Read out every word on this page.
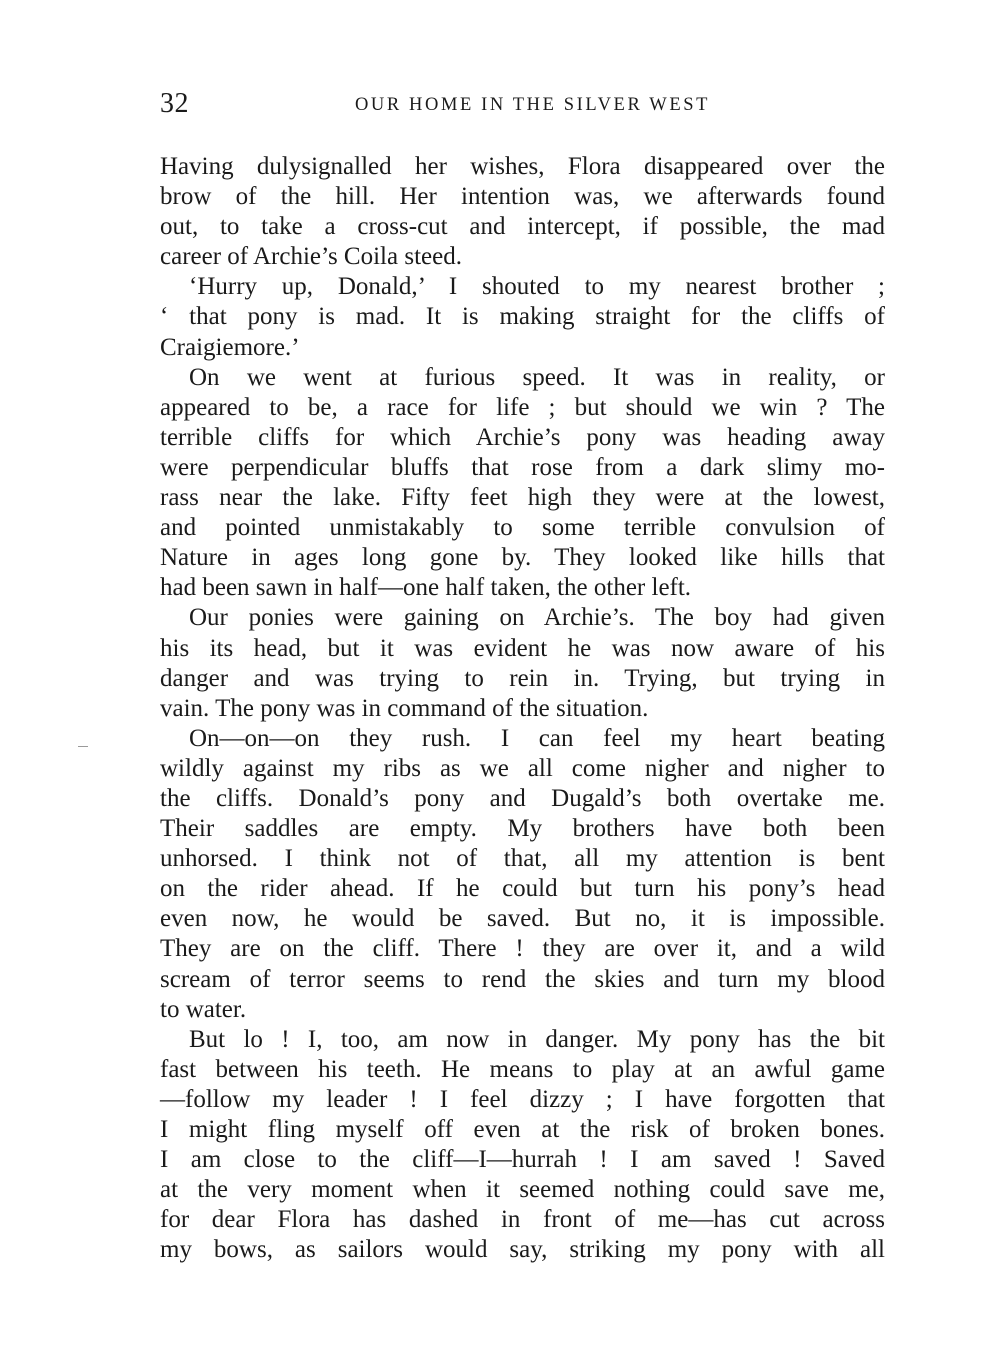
32	OUR HOME IN THE SILVER WEST
Having dulysignalled her wishes, Flora disappeared over the
brow of the hill. Her intention was, we afterwards found
out, to take a cross-cut and intercept, if possible, the mad
career of Archie’s Coila steed.
‘Hurry up, Donald,’ I shouted to my nearest brother ;
‘ that pony is mad. It is making straight for the cliffs of
Craigiemore.’
On we went at furious speed. It was in reality, or
appeared to be, a race for life ; but should we win ? The
terrible cliffs for which Archie’s pony was heading away
were perpendicular bluffs that rose from a dark slimy mo-
rass near the lake. Fifty feet high they were at the lowest,
and pointed unmistakably to some terrible convulsion of
Nature in ages long gone by. They looked like hills that
had been sawn in half—one half taken, the other left.
Our ponies were gaining on Archie’s. The boy had given
his its head, but it was evident he was now aware of his
danger and was trying to rein in. Trying, but trying in
vain. The pony was in command of the situation.
On—on—on they rush. I can feel my heart beating
wildly against my ribs as we all come nigher and nigher to
the cliffs. Donald’s pony and Dugald’s both overtake me.
Their saddles are empty. My brothers have both been
unhorsed. I think not of that, all my attention is bent
on the rider ahead. If he could but turn his pony’s head
even now, he would be saved. But no, it is impossible.
They are on the cliff. There ! they are over it, and a wild
scream of terror seems to rend the skies and turn my blood
to water.
But lo ! I, too, am now in danger. My pony has the bit
fast between his teeth. He means to play at an awful game
—follow my leader ! I feel dizzy ; I have forgotten that
I might fling myself off even at the risk of broken bones.
I am close to the cliff—I—hurrah ! I am saved ! Saved
at the very moment when it seemed nothing could save me,
for dear Flora has dashed in front of me—has cut across
my bows, as sailors would say, striking my pony with all
